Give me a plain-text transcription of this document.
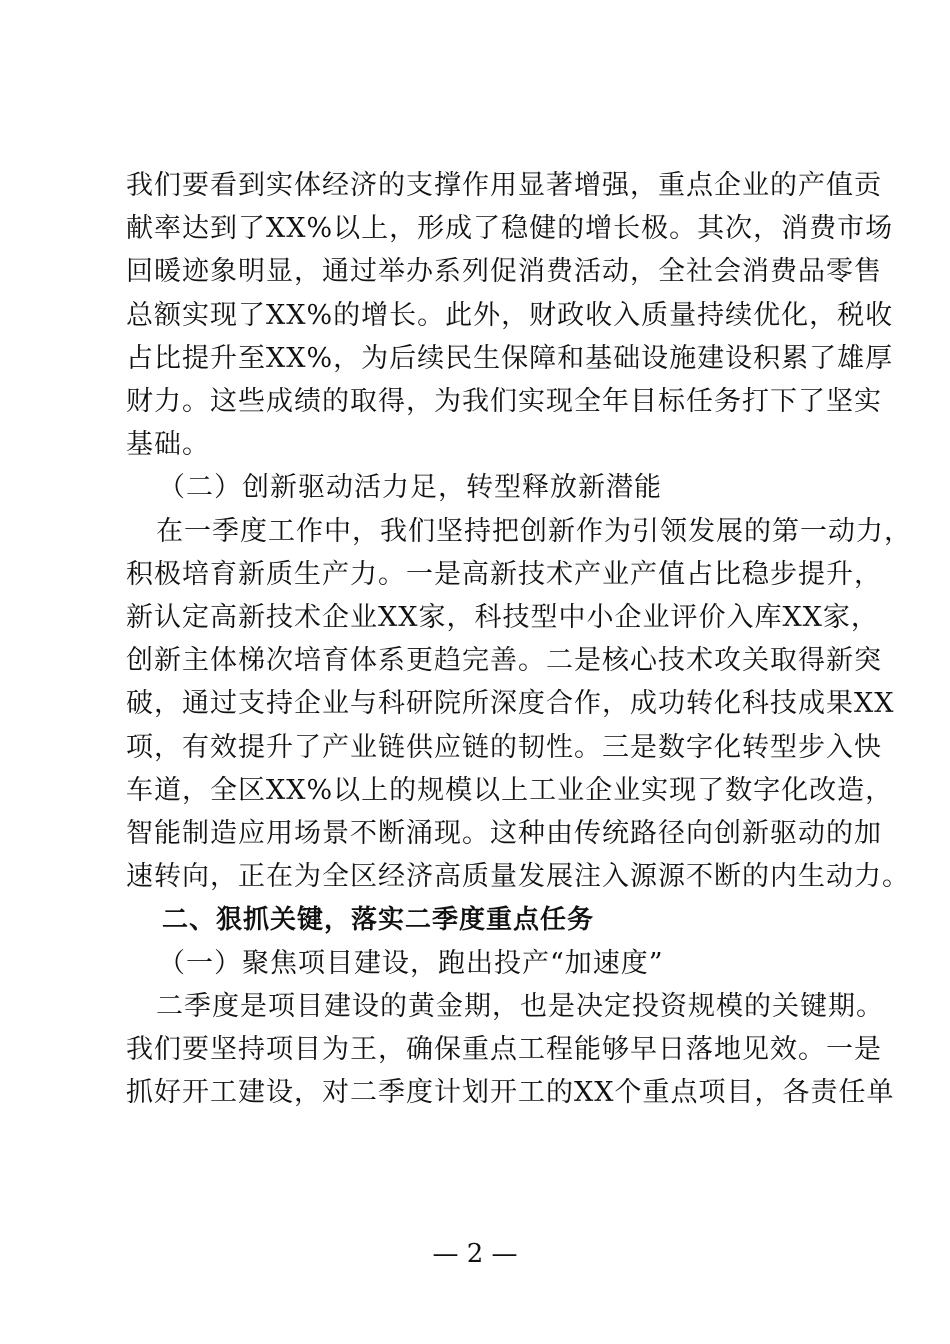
我们要看到实体经济的支撑作用显著增强，重点企业的产值贡
献率达到了XX%以上，形成了稳健的增长极。其次，消费市场
回暖迹象明显，通过举办系列促消费活动，全社会消费品零售
总额实现了XX%的增长。此外，财政收入质量持续优化，税收
占比提升至XX%，为后续民生保障和基础设施建设积累了雄厚
财力。这些成绩的取得，为我们实现全年目标任务打下了坚实
基础。
（二）创新驱动活力足，转型释放新潜能
在一季度工作中，我们坚持把创新作为引领发展的第一动力，
积极培育新质生产力。一是高新技术产业产值占比稳步提升，
新认定高新技术企业XX家，科技型中小企业评价入库XX家，
创新主体梯次培育体系更趋完善。二是核心技术攻关取得新突
破，通过支持企业与科研院所深度合作，成功转化科技成果XX
项，有效提升了产业链供应链的韧性。三是数字化转型步入快
车道，全区XX%以上的规模以上工业企业实现了数字化改造，
智能制造应用场景不断涌现。这种由传统路径向创新驱动的加
速转向，正在为全区经济高质量发展注入源源不断的内生动力。
二、狠抓关键，落实二季度重点任务
（一）聚焦项目建设，跑出投产“加速度”
二季度是项目建设的黄金期，也是决定投资规模的关键期。
我们要坚持项目为王，确保重点工程能够早日落地见效。一是
抓好开工建设，对二季度计划开工的XX个重点项目，各责任单
— 2 —
